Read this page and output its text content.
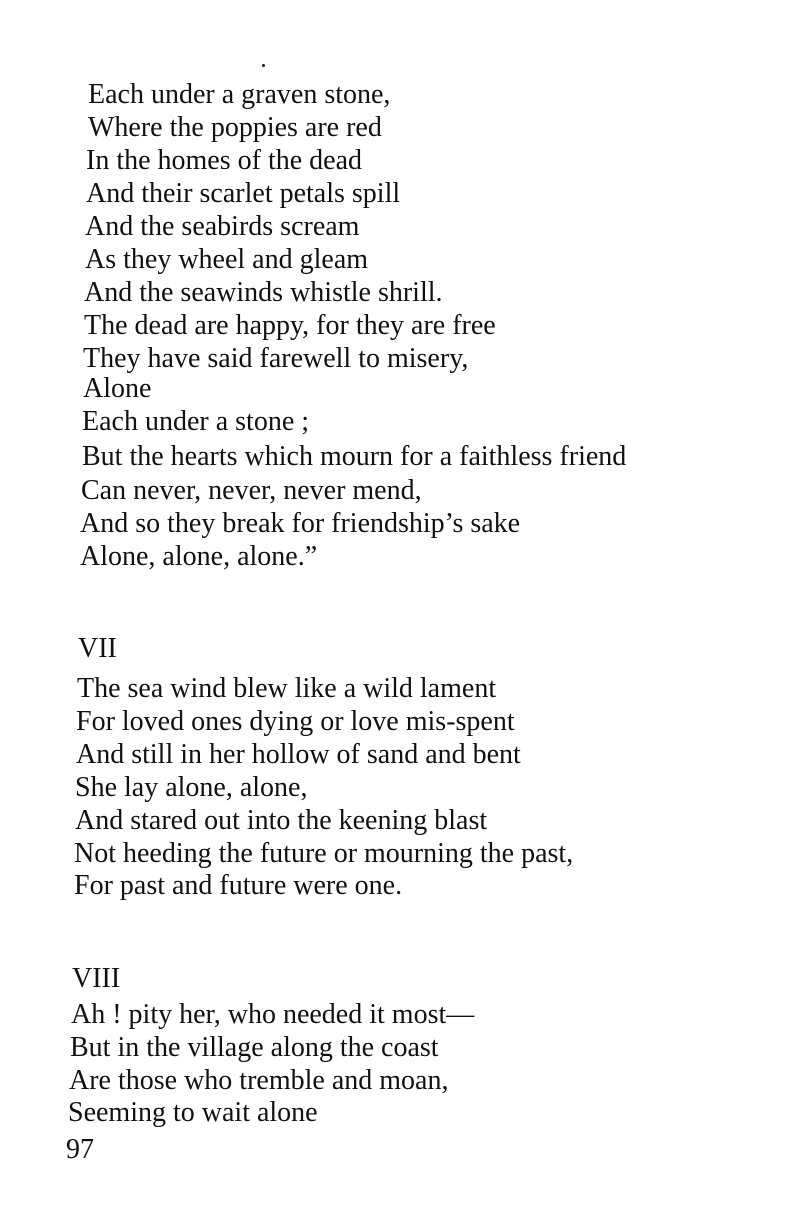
Each under a graven stone,
Where the poppies are red
In the homes of the dead
And their scarlet petals spill
And the seabirds scream
As they wheel and gleam
And the seawinds whistle shrill.
The dead are happy, for they are free
They have said farewell to misery,
Alone
Each under a stone ;
But the hearts which mourn for a faithless friend
Can never, never, never mend,
And so they break for friendship’s sake
Alone, alone, alone.”
VII
The sea wind blew like a wild lament
For loved ones dying or love mis-spent
And still in her hollow of sand and bent
She lay alone, alone,
And stared out into the keening blast
Not heeding the future or mourning the past,
For past and future were one.
VIII
Ah ! pity her, who needed it most—
But in the village along the coast
Are those who tremble and moan,
Seeming to wait alone
97
